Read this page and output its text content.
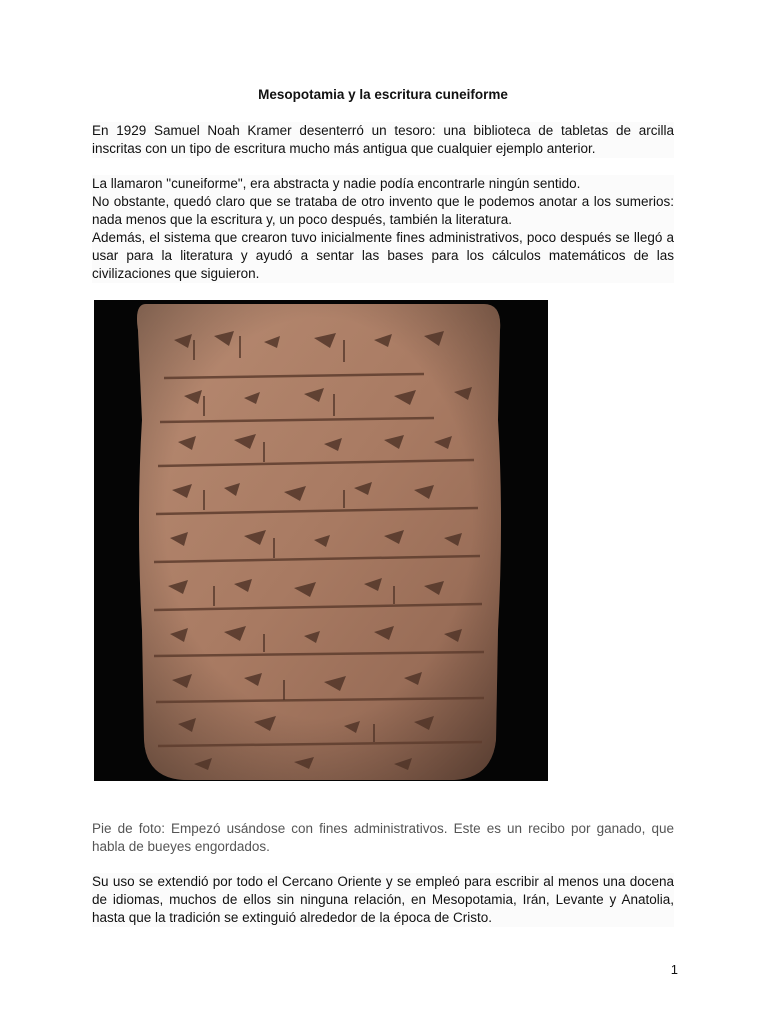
Mesopotamia y la escritura cuneiforme
En 1929 Samuel Noah Kramer desenterró un tesoro: una biblioteca de tabletas de arcilla inscritas con un tipo de escritura mucho más antigua que cualquier ejemplo anterior.
La llamaron "cuneiforme", era abstracta y nadie podía encontrarle ningún sentido.
No obstante, quedó claro que se trataba de otro invento que le podemos anotar a los sumerios: nada menos que la escritura y, un poco después, también la literatura.
Además, el sistema que crearon tuvo inicialmente fines administrativos, poco después se llegó a usar para la literatura y ayudó a sentar las bases para los cálculos matemáticos de las civilizaciones que siguieron.
Pie de foto: Empezó usándose con fines administrativos. Este es un recibo por ganado, que habla de bueyes engordados.
Su uso se extendió por todo el Cercano Oriente y se empleó para escribir al menos una docena de idiomas, muchos de ellos sin ninguna relación, en Mesopotamia, Irán, Levante y Anatolia, hasta que la tradición se extinguió alrededor de la época de Cristo.
1
